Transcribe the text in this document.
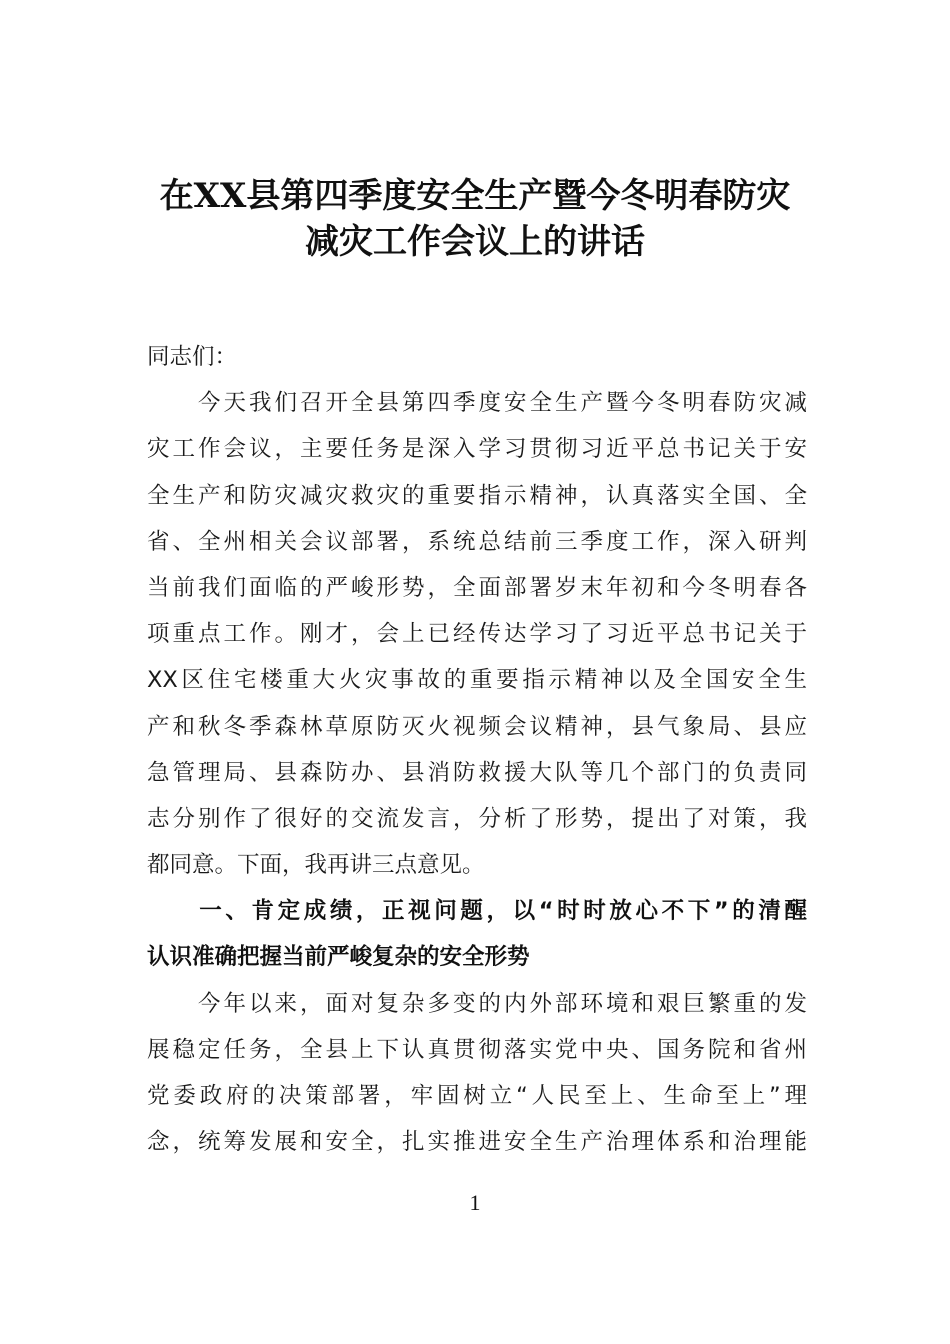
在XX县第四季度安全生产暨今冬明春防灾
减灾工作会议上的讲话
同志们：
　　今天我们召开全县第四季度安全生产暨今冬明春防灾减
灾工作会议，主要任务是深入学习贯彻习近平总书记关于安
全生产和防灾减灾救灾的重要指示精神，认真落实全国、全
省、全州相关会议部署，系统总结前三季度工作，深入研判
当前我们面临的严峻形势，全面部署岁末年初和今冬明春各
项重点工作。刚才，会上已经传达学习了习近平总书记关于
XX区住宅楼重大火灾事故的重要指示精神以及全国安全生
产和秋冬季森林草原防灭火视频会议精神，县气象局、县应
急管理局、县森防办、县消防救援大队等几个部门的负责同
志分别作了很好的交流发言，分析了形势，提出了对策，我
都同意。下面，我再讲三点意见。
　　一、肯定成绩，正视问题，以“时时放心不下”的清醒
认识准确把握当前严峻复杂的安全形势
　　今年以来，面对复杂多变的内外部环境和艰巨繁重的发
展稳定任务，全县上下认真贯彻落实党中央、国务院和省州
党委政府的决策部署，牢固树立“人民至上、生命至上”理
念，统筹发展和安全，扎实推进安全生产治理体系和治理能
1
